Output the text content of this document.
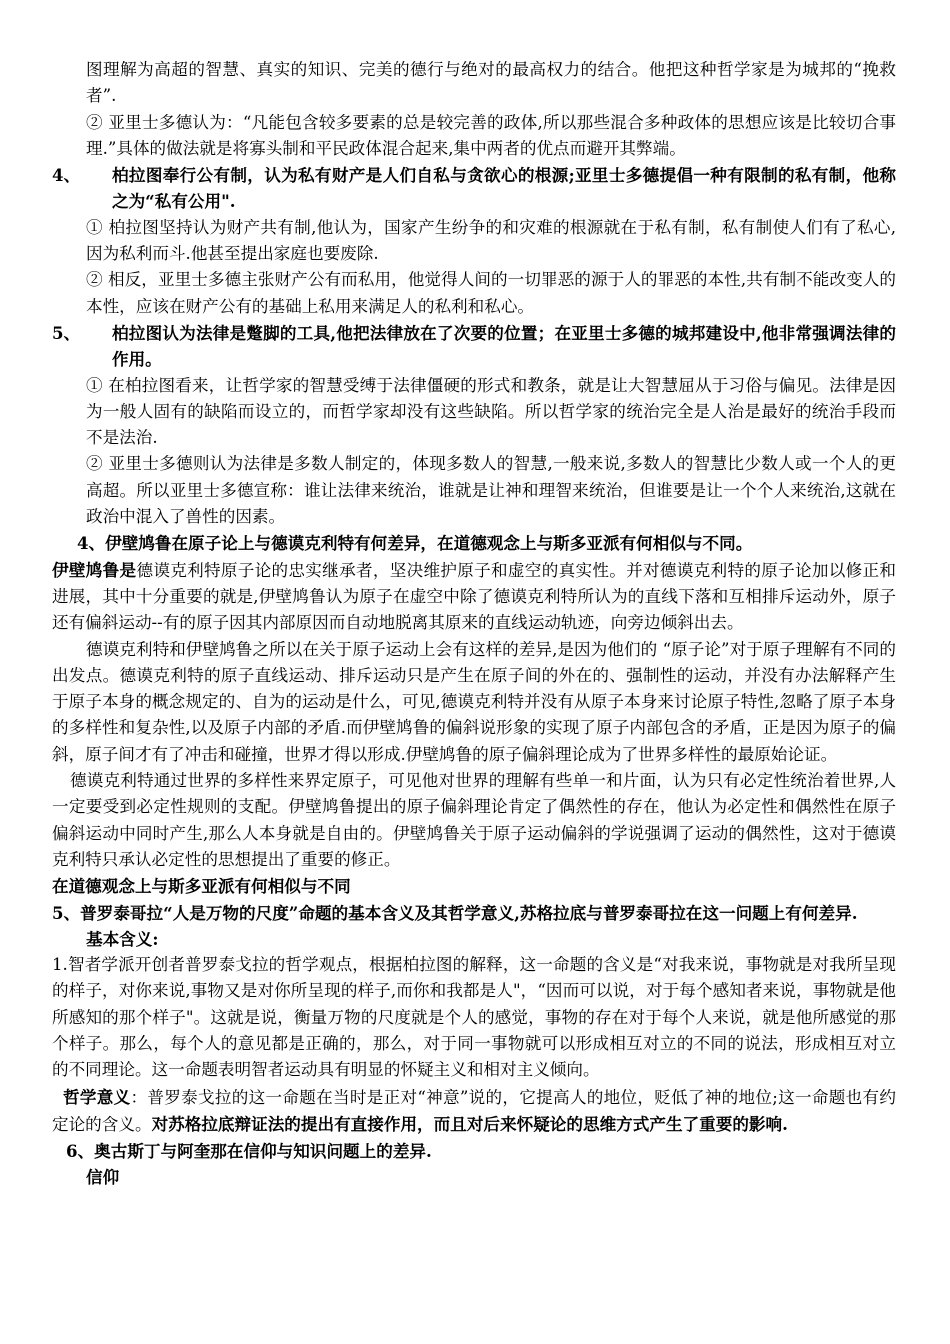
图理解为高超的智慧、真实的知识、完美的德行与绝对的最高权力的结合。他把这种哲学家是为城邦的“挽救者”.

② 亚里士多德认为：“凡能包含较多要素的总是较完善的政体,所以那些混合多种政体的思想应该是比较切合事理.”具体的做法就是将寡头制和平民政体混合起来,集中两者的优点而避开其弊端。

4、 柏拉图奉行公有制，认为私有财产是人们自私与贪欲心的根源;亚里士多德提倡一种有限制的私有制，他称之为“私有公用".

① 柏拉图坚持认为财产共有制,他认为，国家产生纷争的和灾难的根源就在于私有制，私有制使人们有了私心,因为私利而斗.他甚至提出家庭也要废除.

② 相反，亚里士多德主张财产公有而私用，他觉得人间的一切罪恶的源于人的罪恶的本性,共有制不能改变人的本性，应该在财产公有的基础上私用来满足人的私利和私心。

5、 柏拉图认为法律是蹩脚的工具,他把法律放在了次要的位置；在亚里士多德的城邦建设中,他非常强调法律的作用。

① 在柏拉图看来，让哲学家的智慧受缚于法律僵硬的形式和教条，就是让大智慧屈从于习俗与偏见。法律是因为一般人固有的缺陷而设立的，而哲学家却没有这些缺陷。所以哲学家的统治完全是人治是最好的统治手段而不是法治.

② 亚里士多德则认为法律是多数人制定的，体现多数人的智慧,一般来说,多数人的智慧比少数人或一个人的更高超。所以亚里士多德宣称：谁让法律来统治，谁就是让神和理智来统治，但谁要是让一个个人来统治,这就在政治中混入了兽性的因素。

4、伊壁鸠鲁在原子论上与德谟克利特有何差异，在道德观念上与斯多亚派有何相似与不同。

伊壁鸠鲁是德谟克利特原子论的忠实继承者，坚决维护原子和虚空的真实性。并对德谟克利特的原子论加以修正和进展，其中十分重要的就是,伊壁鸠鲁认为原子在虚空中除了德谟克利特所认为的直线下落和互相排斥运动外，原子还有偏斜运动--有的原子因其内部原因而自动地脱离其原来的直线运动轨迹，向旁边倾斜出去。

德谟克利特和伊壁鸠鲁之所以在关于原子运动上会有这样的差异,是因为他们的 “原子论”对于原子理解有不同的出发点。德谟克利特的原子直线运动、排斥运动只是产生在原子间的外在的、强制性的运动，并没有办法解释产生于原子本身的概念规定的、自为的运动是什么，可见,德谟克利特并没有从原子本身来讨论原子特性,忽略了原子本身的多样性和复杂性,以及原子内部的矛盾.而伊壁鸠鲁的偏斜说形象的实现了原子内部包含的矛盾，正是因为原子的偏斜，原子间才有了冲击和碰撞，世界才得以形成.伊壁鸠鲁的原子偏斜理论成为了世界多样性的最原始论证。

德谟克利特通过世界的多样性来界定原子，可见他对世界的理解有些单一和片面，认为只有必定性统治着世界,人一定要受到必定性规则的支配。伊壁鸠鲁提出的原子偏斜理论肯定了偶然性的存在，他认为必定性和偶然性在原子偏斜运动中同时产生,那么人本身就是自由的。伊壁鸠鲁关于原子运动偏斜的学说强调了运动的偶然性，这对于德谟克利特只承认必定性的思想提出了重要的修正。

在道德观念上与斯多亚派有何相似与不同

5、普罗泰哥拉“人是万物的尺度”命题的基本含义及其哲学意义,苏格拉底与普罗泰哥拉在这一问题上有何差异.

基本含义:

1.智者学派开创者普罗泰戈拉的哲学观点，根据柏拉图的解释，这一命题的含义是“对我来说，事物就是对我所呈现的样子，对你来说,事物又是对你所呈现的样子,而你和我都是人"，“因而可以说，对于每个感知者来说，事物就是他所感知的那个样子"。这就是说，衡量万物的尺度就是个人的感觉，事物的存在对于每个人来说，就是他所感觉的那个样子。那么，每个人的意见都是正确的，那么，对于同一事物就可以形成相互对立的不同的说法，形成相互对立的不同理论。这一命题表明智者运动具有明显的怀疑主义和相对主义倾向。

哲学意义：普罗泰戈拉的这一命题在当时是正对“神意”说的，它提高人的地位，贬低了神的地位;这一命题也有约定论的含义。对苏格拉底辩证法的提出有直接作用，而且对后来怀疑论的思维方式产生了重要的影响.

6、奥古斯丁与阿奎那在信仰与知识问题上的差异.

信仰
